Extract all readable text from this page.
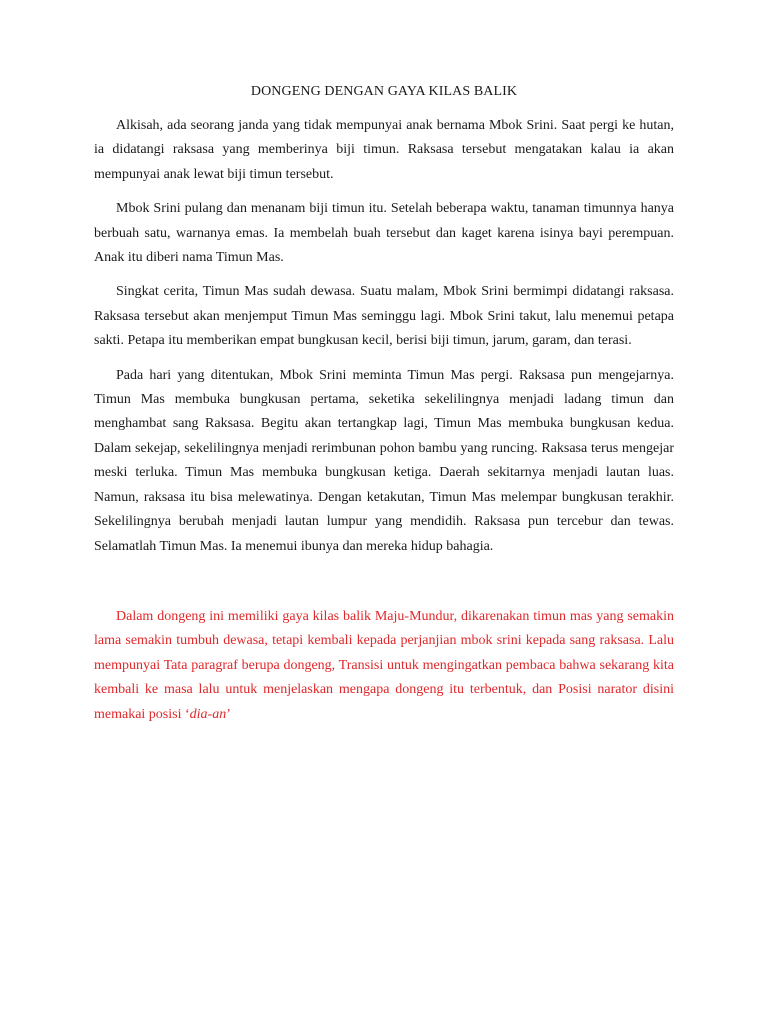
DONGENG DENGAN GAYA KILAS BALIK

Alkisah, ada seorang janda yang tidak mempunyai anak bernama Mbok Srini. Saat pergi ke hutan, ia didatangi raksasa yang memberinya biji timun. Raksasa tersebut mengatakan kalau ia akan mempunyai anak lewat biji timun tersebut.

Mbok Srini pulang dan menanam biji timun itu. Setelah beberapa waktu, tanaman timunnya hanya berbuah satu, warnanya emas. Ia membelah buah tersebut dan kaget karena isinya bayi perempuan. Anak itu diberi nama Timun Mas.

Singkat cerita, Timun Mas sudah dewasa. Suatu malam, Mbok Srini bermimpi didatangi raksasa. Raksasa tersebut akan menjemput Timun Mas seminggu lagi. Mbok Srini takut, lalu menemui petapa sakti. Petapa itu memberikan empat bungkusan kecil, berisi biji timun, jarum, garam, dan terasi.

Pada hari yang ditentukan, Mbok Srini meminta Timun Mas pergi. Raksasa pun mengejarnya. Timun Mas membuka bungkusan pertama, seketika sekelilingnya menjadi ladang timun dan menghambat sang Raksasa. Begitu akan tertangkap lagi, Timun Mas membuka bungkusan kedua. Dalam sekejap, sekelilingnya menjadi rerimbunan pohon bambu yang runcing. Raksasa terus mengejar meski terluka. Timun Mas membuka bungkusan ketiga. Daerah sekitarnya menjadi lautan luas. Namun, raksasa itu bisa melewatinya. Dengan ketakutan, Timun Mas melempar bungkusan terakhir. Sekelilingnya berubah menjadi lautan lumpur yang mendidih. Raksasa pun tercebur dan tewas. Selamatlah Timun Mas. Ia menemui ibunya dan mereka hidup bahagia.

Dalam dongeng ini memiliki gaya kilas balik Maju-Mundur, dikarenakan timun mas yang semakin lama semakin tumbuh dewasa, tetapi kembali kepada perjanjian mbok srini kepada sang raksasa. Lalu mempunyai Tata paragraf berupa dongeng, Transisi untuk mengingatkan pembaca bahwa sekarang kita kembali ke masa lalu untuk menjelaskan mengapa dongeng itu terbentuk, dan Posisi narator disini memakai posisi ‘dia-an’
